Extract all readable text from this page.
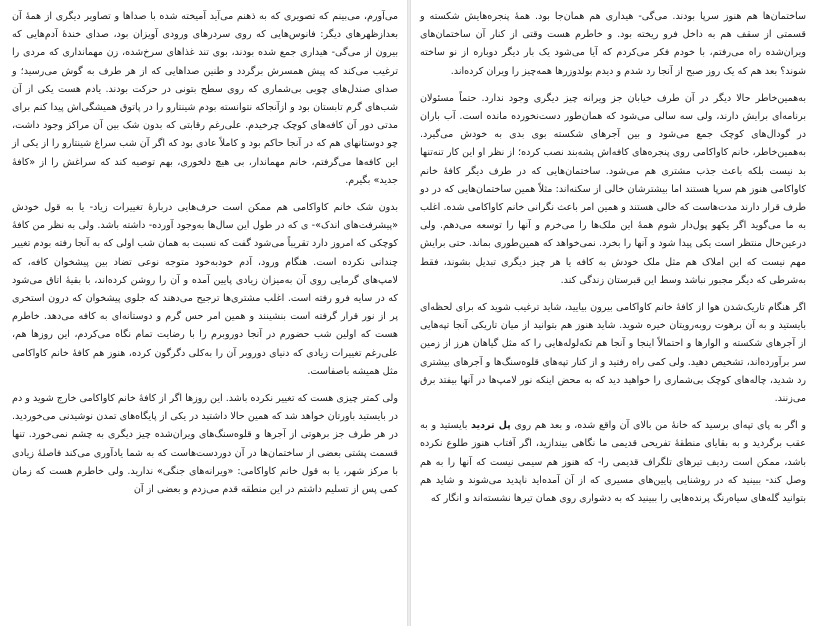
می‌آورم، می‌بینم که تصویری که به ذهنم می‌آید آمیخته شده با صداها و تصاویر دیگری از همهٔ آن بعدازظهرهای دیگر: فانوس‌هایی که روی سردرهای ورودی آویزان بود، صدای خندهٔ آدم‌هایی که بیرون از می‌گی- هیداری جمع شده بودند، بوی تند غذاهای سرخ‌شده، زن مهمانداری که مردی را ترغیب می‌کند که پیش همسرش برگردد و طنین صداهایی که از هر طرف به گوش می‌رسید؛ و صدای صندل‌های چوبی بی‌شماری که روی سطح بتونی در حرکت بودند. یادم هست یکی از آن شب‌های گرم تابستان بود و ازآنجاکه نتوانسته بودم شینتارو را در پاتوق همیشگی‌اش پیدا کنم برای مدتی دور آن کافه‌های کوچک چرخیدم. علی‌رغم رقابتی که بدون شک بین آن مراکز وجود داشت، چو دوستانهای هم که در آنجا حاکم بود و کاملاً عادی بود که اگر آن شب سراغ شینتارو را از یکی از این کافه‌ها می‌گرفتم، خانم مهماندار، بی هیچ دلخوری، بهم توصیه کند که سراغش را از «کافهٔ جدید» بگیرم.

بدون شک خانم کاواکامی هم ممکن است حرف‌هایی دربارهٔ تغییرات زیاد- یا به قول خودش «پیشرفت‌های اندک»- ی که در طول این سال‌ها به‌وجود آورده- داشته باشد. ولی به نظر من کافهٔ کوچکی که امروز دارد تقریباً می‌شود گفت که نسبت به همان شب اولی که به آنجا رفته بودم تغییر چندانی نکرده است. هنگام ورود، آدم خودبه‌خود متوجه نوعی تضاد بین پیشخوان کافه، که لامپ‌های گرمایی روی آن به‌میزان زیادی پایین آمده و آن را روشن کرده‌اند، با بقیهٔ اتاق می‌شود که در سایه فرو رفته است. اغلب مشتری‌ها ترجیح می‌دهند که جلوی پیشخوان که درون استخری پر از نور قرار گرفته است بنشینند و همین امر حس گرم و دوستانه‌ای به کافه می‌دهد. خاطرم هست که اولین شب حضورم در آنجا دوروبرم را با رضایت تمام نگاه می‌کردم، این روزها هم، علی‌رغم تغییرات زیادی که دنیای دوروبر آن را به‌کلی دگرگون کرده، هنوز هم کافهٔ خانم کاواکامی مثل همیشه باصفاست.

ولی کمتر چیزی هست که تغییر نکرده باشد. این روزها اگر از کافهٔ خانم کاواکامی خارج شوید و دم در بایستید باورتان خواهد شد که همین حالا داشتید در یکی از پایگاه‌های تمدن نوشیدنی می‌خوردید. در هر طرف جز برهوتی از آجرها و قلوه‌سنگ‌های ویران‌شده چیز دیگری به چشم نمی‌خورد. تنها قسمت پشتی بعضی از ساختمان‌ها در آن دوردست‌هاست که به شما یادآوری می‌کند فاصلهٔ زیادی با مرکز شهر، یا به قول خانم کاواکامی: «ویرانه‌های جنگی» ندارید. ولی خاطرم هست که زمان کمی پس از تسلیم داشتم در این منطقه قدم می‌زدم و بعضی از آن

ساختمان‌ها هم هنوز سرپا بودند. می‌گی- هیداری هم همان‌جا بود. همهٔ پنجره‌هایش شکسته و قسمتی از سقف هم به داخل فرو ریخته بود. و خاطرم هست وقتی از کنار آن ساختمان‌های ویران‌شده راه می‌رفتم، با خودم فکر می‌کردم که آیا می‌شود یک بار دیگر دوباره از نو ساخته شوند؟ بعد هم که یک روز صبح از آنجا رد شدم و دیدم بولدوزرها همه‌چیز را ویران کرده‌اند.

به‌همین‌خاطر حالا دیگر در آن طرف خیابان جز ویرانه چیز دیگری وجود ندارد. حتماً مسئولان برنامه‌ای برایش دارند، ولی سه سالی می‌شود که همان‌طور دست‌نخورده مانده است. آب باران در گودال‌های کوچک جمع می‌شود و بین آجرهای شکسته بوی بدی به خودش می‌گیرد. به‌همین‌خاطر، خانم کاواکامی روی پنجره‌های کافه‌اش پشه‌بند نصب کرده؛ از نظر او این کار تنه‌تنها بد نیست بلکه باعث جذب مشتری هم می‌شود. ساختمان‌هایی که در طرف دیگر کافهٔ خانم کاواکامی هنوز هم سرپا هستند اما بیشترشان خالی از سکنه‌اند: مثلاً همین ساختمان‌هایی که در دو طرف قرار دارند مدت‌هاست که خالی هستند و همین امر باعث نگرانی خانم کاواکامی شده. اغلب به ما می‌گوید اگر یکهو پول‌دار شوم همهٔ این ملک‌ها را می‌خرم و آنها را توسعه می‌دهم. ولی درعین‌حال منتظر است یکی پیدا شود و آنها را بخرد. نمی‌خواهد که همین‌طوری بماند. حتی برایش مهم نیست که این املاک هم مثل ملک خودش به کافه یا هر چیز دیگری تبدیل بشوند، فقط به‌شرطی که دیگر مجبور نباشد وسط این قبرستان زندگی کند.

اگر هنگام تاریک‌شدن هوا از کافهٔ خانم کاواکامی بیرون بیایید، شاید ترغیب شوید که برای لحظه‌ای بایستید و به آن برهوت روبه‌رویتان خیره شوید. شاید هنوز هم بتوانید از میان تاریکی آنجا تپه‌هایی از آجرهای شکسته و الوارها و احتمالاً اینجا و آنجا هم تکه‌لوله‌هایی را که مثل گیاهان هرز از زمین سر برآورده‌اند، تشخیص دهید. ولی کمی راه رفتید و از کنار تپه‌های قلوه‌سنگ‌ها و آجرهای بیشتری رد شدید، چاله‌های کوچک بی‌شماری را خواهید دید که به محض اینکه نور لامپ‌ها در آنها بیفتد برق می‌زنند.

و اگر به پای تپه‌ای برسید که خانهٔ من بالای آن واقع شده، و بعد هم روی پل تردید بایستید و به عقب برگردید و به بقایای منطقهٔ تفریحی قدیمی ما نگاهی بیندازید، اگر آفتاب هنوز طلوع نکرده باشد، ممکن است ردیف تیرهای تلگراف قدیمی را- که هنوز هم سیمی نیست که آنها را به هم وصل کند- ببینید که در روشنایی پایین‌های مسیری که از آن آمده‌اید ناپدید می‌شوند و شاید هم بتوانید گله‌های سیاه‌رنگ پرنده‌هایی را ببینید که به دشواری روی همان تیرها نشسته‌اند و انگار که
